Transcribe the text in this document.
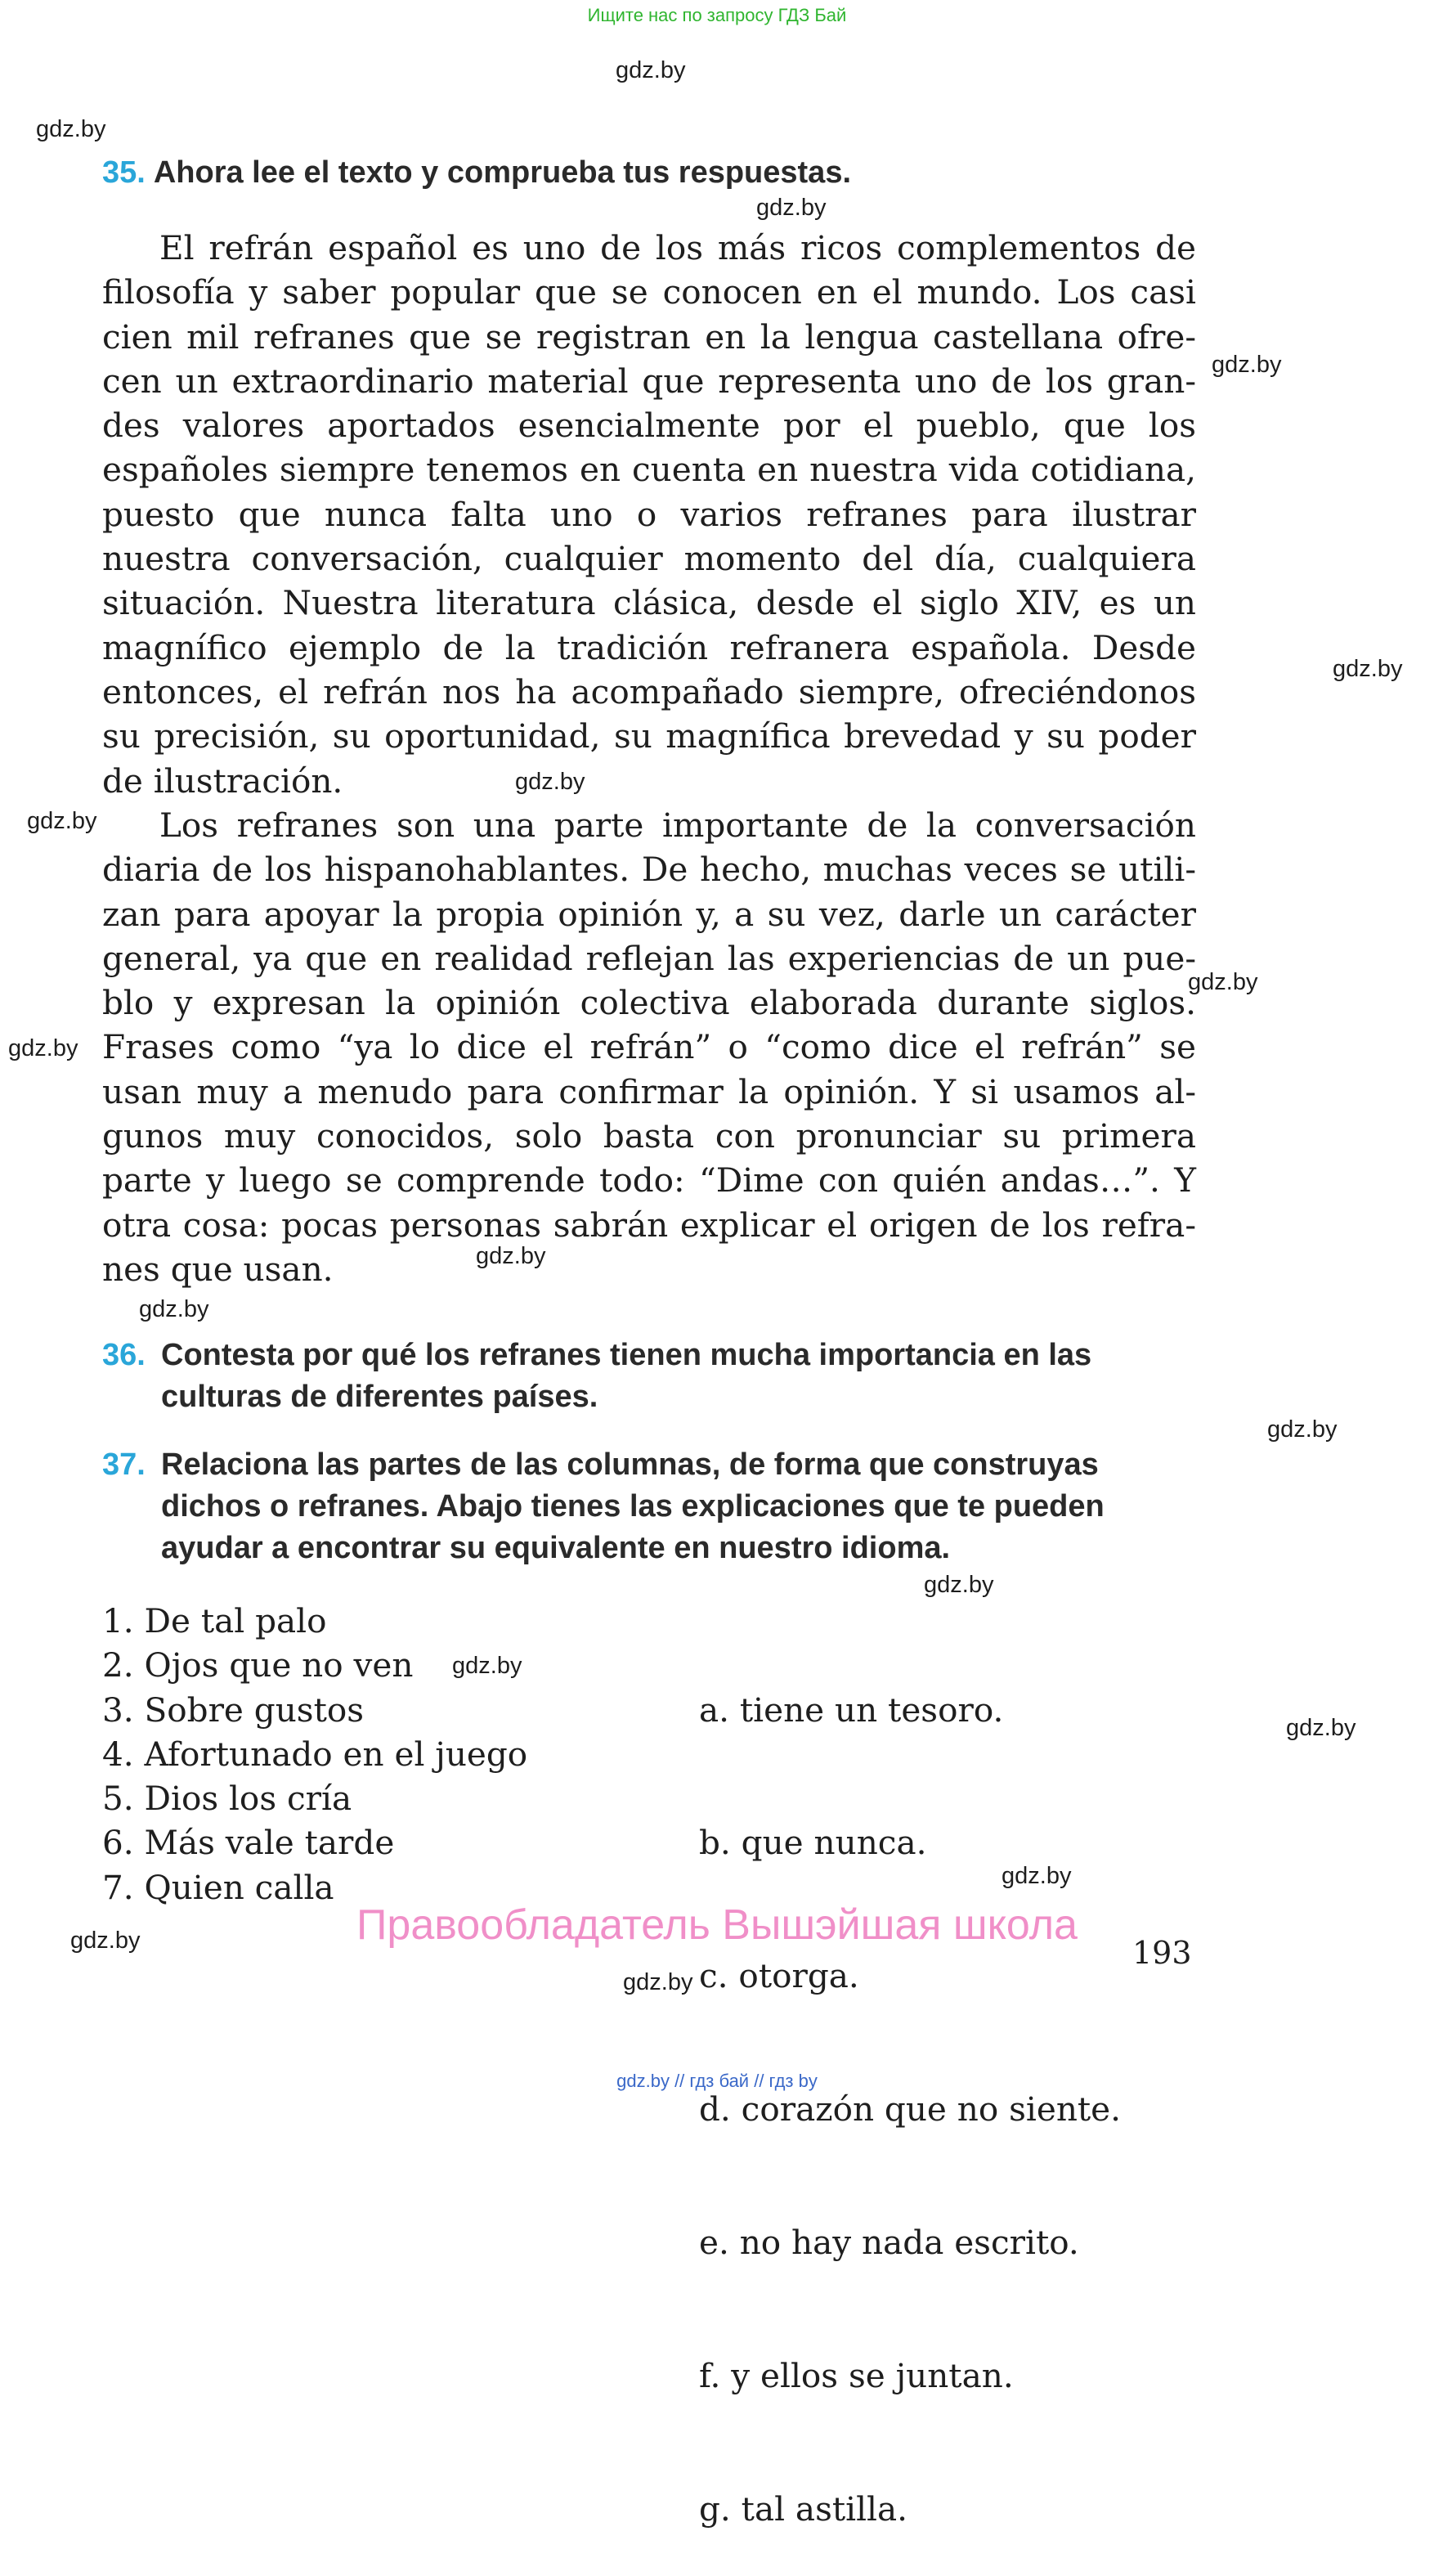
Ищите нас по запросу ГДЗ Бай
gdz.by
gdz.by
gdz.by
gdz.by
gdz.by
gdz.by
gdz.by
gdz.by
gdz.by
gdz.by
gdz.by
gdz.by
gdz.by
gdz.by
gdz.by
gdz.by
gdz.by
gdz.by
35. Ahora lee el texto y comprueba tus respuestas.

El refrán español es uno de los más ricos complementos de filosofía y saber popular que se conocen en el mundo. Los casi cien mil refranes que se registran en la lengua castellana ofrecen un extraordinario material que representa uno de los grandes valores aportados esencialmente por el pueblo, que los españoles siempre tenemos en cuenta en nuestra vida cotidiana, puesto que nunca falta uno o varios refranes para ilustrar nuestra conversación, cualquier momento del día, cualquiera situación. Nuestra literatura clásica, desde el siglo XIV, es un magnífico ejemplo de la tradición refranera española. Desde entonces, el refrán nos ha acompañado siempre, ofreciéndonos su precisión, su oportunidad, su magnífica brevedad y su poder de ilustración.

Los refranes son una parte importante de la conversación diaria de los hispanohablantes. De hecho, muchas veces se utilizan para apoyar la propia opinión y, a su vez, darle un carácter general, ya que en realidad reflejan las experiencias de un pueblo y expresan la opinión colectiva elaborada durante siglos. Frases como “ya lo dice el refrán” o “como dice el refrán” se usan muy a menudo para confirmar la opinión. Y si usamos algunos muy conocidos, solo basta con pronunciar su primera parte y luego se comprende todo: “Dime con quién andas…”. Y otra cosa: pocas personas sabrán explicar el origen de los refranes que usan.

36. Contesta por qué los refranes tienen mucha importancia en las culturas de diferentes países.
37. Relaciona las partes de las columnas, de forma que construyas dichos o refranes. Abajo tienes las explicaciones que te pueden ayudar a encontrar su equivalente en nuestro idioma.
1. De tal palo
2. Ojos que no ven
3. Sobre gustos
4. Afortunado en el juego
5. Dios los cría
6. Más vale tarde
7. Quien calla

a. tiene un tesoro.

b. que nunca.

c. otorga.

d. corazón que no siente.

e. no hay nada escrito.

f. y ellos se juntan.

g. tal astilla.

Правообладатель Вышэйшая школа
193
gdz.by // гдз бай // гдз by
